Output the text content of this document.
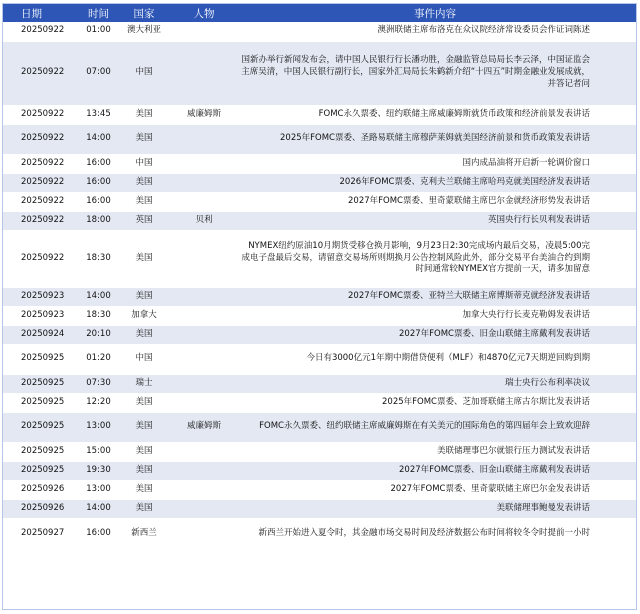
日期	时间	国家	人物	事件内容
20250922	01:00	澳大利亚		澳洲联储主席布洛克在众议院经济常设委员会作证词陈述
20250922	07:00	中国		国新办举行新闻发布会，请中国人民银行行长潘功胜，金融监管总局局长李云泽，中国证监会主席吴清，中国人民银行副行长，国家外汇局局长朱鹤新介绍“十四五”时期金融业发展成就，并答记者问
20250922	13:45	美国	威廉姆斯	FOMC永久票委、纽约联储主席威廉姆斯就货币政策和经济前景发表讲话
20250922	14:00	美国		2025年FOMC票委、圣路易联储主席穆萨莱姆就美国经济前景和货币政策发表讲话
20250922	16:00	中国		国内成品油将开启新一轮调价窗口
20250922	16:00	美国		2026年FOMC票委、克利夫兰联储主席哈玛克就美国经济发表讲话
20250922	16:00	美国		2027年FOMC票委、里奇蒙联储主席巴尔金就经济形势发表讲话
20250922	18:00	英国	贝利	英国央行行长贝利发表讲话
20250922	18:30	美国		NYMEX纽约原油10月期货受移仓换月影响，9月23日2:30完成场内最后交易，凌晨5:00完成电子盘最后交易，请留意交易场所则期换月公告控制风险此外，部分交易平台美油合约到期时间通常较NYMEX官方提前一天，请多加留意
20250923	14:00	美国		2027年FOMC票委、亚特兰大联储主席博斯蒂克就经济发表讲话
20250923	18:30	加拿大		加拿大央行行长麦克勒姆发表讲话
20250924	20:10	美国		2027年FOMC票委、旧金山联储主席戴利发表讲话
20250925	01:20	中国		今日有3000亿元1年期中期借贷便利（MLF）和4870亿元7天期逆回购到期
20250925	07:30	瑞士		瑞士央行公布利率决议
20250925	12:20	美国		2025年FOMC票委、芝加哥联储主席古尔斯比发表讲话
20250925	13:00	美国	威廉姆斯	FOMC永久票委、纽约联储主席威廉姆斯在有关美元的国际角色的第四届年会上致欢迎辞
20250925	15:00	美国		美联储理事巴尔就银行压力测试发表讲话
20250925	19:30	美国		2027年FOMC票委、旧金山联储主席戴利发表讲话
20250926	13:00	美国		2027年FOMC票委、里奇蒙联储主席巴尔金发表讲话
20250926	14:00	美国		美联储理事鲍曼发表讲话
20250927	16:00	新西兰		新西兰开始进入夏令时，其金融市场交易时间及经济数据公布时间将较冬令时提前一小时
